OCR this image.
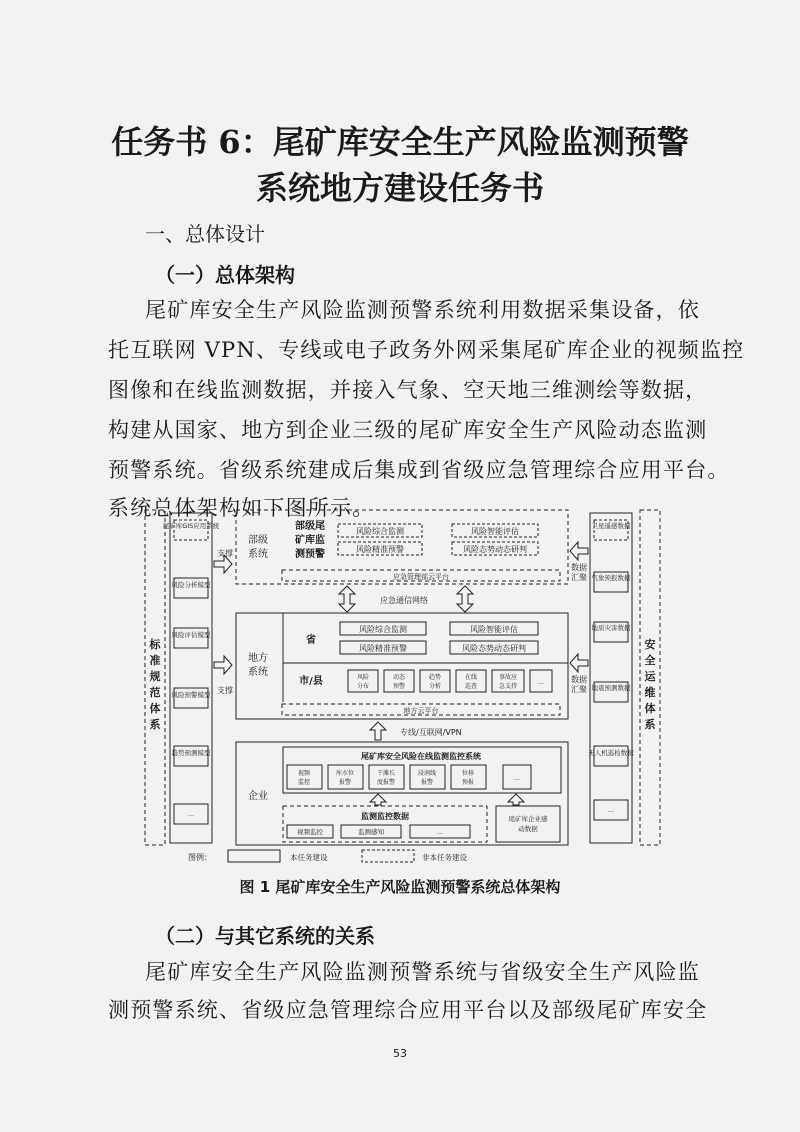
任务书 6：尾矿库安全生产风险监测预警
系统地方建设任务书
一、总体设计
（一）总体架构
尾矿库安全生产风险监测预警系统利用数据采集设备，依
托互联网 VPN、专线或电子政务外网采集尾矿库企业的视频监控
图像和在线监测数据，并接入气象、空天地三维测绘等数据，
构建从国家、地方到企业三级的尾矿库安全生产风险动态监测
预警系统。省级系统建成后集成到省级应急管理综合应用平台。
系统总体架构如下图所示。
尾矿库GIS应用系统
风险分析模型
风险评估模型
风险预警模型
趋势预测模型
...
支撑
支撑
标
准
规
范
体
系
安
全
运
维
体
系
卫星遥感数据
气象预报数据
地质灾害数据
地震预测数据
无人机巡检数据
...
数据
汇聚
数据
汇聚
部级
系统
部级尾
矿库监
测预警
风险综合监测	风险智能评估
风险精准预警	风险态势动态研判
应急管理部云平台
应急通信网络
地方
系统
省
市/县
风险综合监测	风险智能评估
风险精准预警	风险态势动态研判
风险
分布
动态
预警
趋势
分析
在线
巡查
事故应
急支持
...
地方云平台
专线/互联网/VPN
企业
尾矿库安全风险在线监测监控系统
视频
监控
库水位
报警
干滩长
度报警
浸润线
报警
位移
预报
...
监测监控数据
视频监控	监测感知	...
尾矿库企业感
动数据
图例：	本任务建设	非本任务建设
图 1 尾矿库安全生产风险监测预警系统总体架构
（二）与其它系统的关系
尾矿库安全生产风险监测预警系统与省级安全生产风险监
测预警系统、省级应急管理综合应用平台以及部级尾矿库安全
53
